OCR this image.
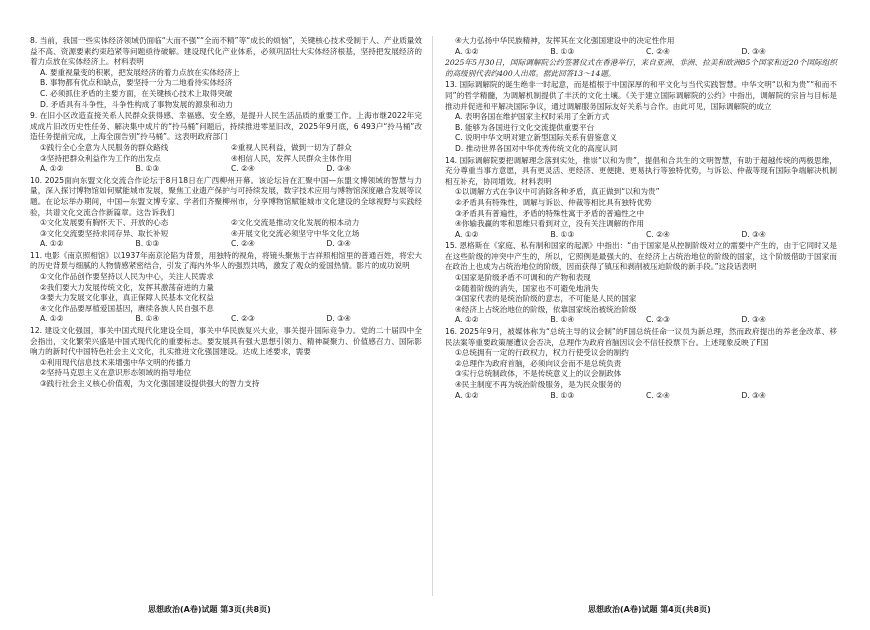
8. 当前，我国一些实体经济领域仍面临“大而不强”“全而不精”等“成长的烦恼”，关键核心技术受制于人、产业质量效益不高、资源要素约束趋紧等问题亟待破解。建设现代化产业体系，必须巩固壮大实体经济根基，坚持把发展经济的着力点放在实体经济上。材料表明
A. 要重视量变的积累，把发展经济的着力点放在实体经济上
B. 事物都有优点和缺点，要坚持一分为二地看待实体经济
C. 必须抓住矛盾的主要方面，在关键核心技术上取得突破
D. 矛盾具有斗争性，斗争性构成了事物发展的源泉和动力
9. 在旧小区改造直接关系人民群众获得感、幸福感、安全感，是提升人民生活品质的重要工作。上海市继2022年完成成片旧改历史性任务、解决集中成片的“拎马桶”问题后，持续推进零星旧改，2025年9月底，6 493户“拎马桶”改造任务提前完成，上海全面告别“拎马桶”。这表明政府部门
①践行全心全意为人民服务的群众路线	②重视人民利益，做到一切为了群众
③坚持把群众利益作为工作的出发点	④相信人民，发挥人民群众主体作用
A. ①②	B. ①③	C. ②④	D. ③④
10. 2025面向东盟文化交流合作论坛于8月18日在广西柳州开幕。该论坛旨在汇聚中国—东盟文博领域的智慧与力量，深入探讨博物馆如何赋能城市发展，聚焦工业遗产保护与可持续发展，数字技术应用与博物馆深度融合发展等议题。在论坛举办期间，中国—东盟文博专家、学者们齐聚柳州市，分享博物馆赋能城市文化建设的全球视野与实践经验，共谱文化交流合作新篇章。这告诉我们
①文化发展要有胸怀天下、开放的心态	②文化交流是推动文化发展的根本动力
③文化交流要坚持求同存异、取长补短	④开展文化交流必须坚守中华文化立场
A. ①②	B. ①③	C. ②④	D. ③④
11. 电影《南京照相馆》以1937年南京沦陷为背景，用独特的视角，将镜头聚焦于吉祥照相馆里的普通百姓，将宏大的历史背景与细腻的人物情感紧密结合，引发了海内外华人的强烈共鸣，激发了观众的爱国热情。影片的成功说明
①文化作品创作要坚持以人民为中心，关注人民需求
②我们要大力发展传统文化，发挥其激荡奋进的力量
③要大力发展文化事业，真正保障人民基本文化权益
④文化作品要厚植爱国基因，赓续各族人民自强不息
A. ①②	B. ①④	C. ②③	D. ③④
12. 建设文化强国，事关中国式现代化建设全局，事关中华民族复兴大业，事关提升国际竞争力。党的二十届四中全会指出，文化繁荣兴盛是中国式现代化的重要标志。要发展具有强大思想引领力、精神凝聚力、价值感召力、国际影响力的新时代中国特色社会主义文化，扎实推进文化强国建设。达成上述要求，需要
①利用现代信息技术来增强中华文明的传播力
②坚持马克思主义在意识形态领域的指导地位
③践行社会主义核心价值观，为文化强国建设提供强大的智力支持
④大力弘扬中华民族精神，发挥其在文化强国建设中的决定性作用
A. ①②	B. ①③	C. ②④	D. ③④
2025年5月30日，国际调解院公约签署仪式在香港举行，来自亚洲、非洲、拉美和欧洲85个国家和近20个国际组织的高级别代表约400人出席。据此回答13～14题。
13. 国际调解院的诞生绝非一时起意，而是植根于中国深厚的和平文化与当代实践智慧。中华文明“以和为贵”“和而不同”的哲学精髓，为调解机制提供了丰沃的文化土壤。《关于建立国际调解院的公约》中指出，调解院的宗旨与目标是推动并促进和平解决国际争议，通过调解服务国际友好关系与合作。由此可见，国际调解院的成立
A. 表明各国在维护国家主权时采用了全新方式
B. 能够为各国进行文化交流提供重要平台
C. 说明中华文明对建立新型国际关系有借鉴意义
D. 推动世界各国对中华优秀传统文化的高度认同
14. 国际调解院要把调解理念落到实处，推崇“以和为贵”，提倡和合共生的文明智慧，有助于超越传统的两极思维，充分尊重当事方意愿，具有更灵活、更经济、更便捷、更易执行等独特优势，与诉讼、仲裁等现有国际争端解决机制相互补充，协同增效。材料表明
①以调解方式在争议中可消除各种矛盾，真正做到“以和为贵”
②矛盾具有特殊性，调解与诉讼、仲裁等相比具有独特优势
③矛盾具有普遍性，矛盾的特殊性寓于矛盾的普遍性之中
④你输我赢的零和思维只看到对立，没有关注调解的作用
A. ①②	B. ①③	C. ②④	D. ③④
15. 恩格斯在《家庭、私有制和国家的起源》中指出：“由于国家是从控制阶级对立的需要中产生的，由于它同时又是在这些阶级的冲突中产生的，所以，它照例是最强大的、在经济上占统治地位的阶级的国家，这个阶级借助于国家而在政治上也成为占统治地位的阶级，因而获得了镇压和剥削被压迫阶级的新手段。”这段话表明
①国家是阶级矛盾不可调和的产物和表现
②随着阶级的消失，国家也不可避免地消失
③国家代表的是统治阶级的意志，不可能是人民的国家
④经济上占统治地位的阶级，依靠国家统治被统治阶级
A. ①②	B. ①④	C. ②③	D. ③④
16. 2025年9月，被媒体称为“总统主导的议会制”的F国总统任命一议员为新总理，然而政府提出的养老金改革、移民法案等重要政策屡遭议会否决，总理作为政府首脑因议会不信任投票下台。上述现象反映了F国
①总统拥有一定的行政权力，权力行使受议会的制约
②总理作为政府首脑，必须向议会而不是总统负责
③实行总统制政体，不是传统意义上的议会制政体
④民主制度不再为统治阶级服务，是为民众服务的
A. ①②	B. ①③	C. ②④	D. ③④
思想政治(A卷)试题 第3页(共8页)	思想政治(A卷)试题 第4页(共8页)
